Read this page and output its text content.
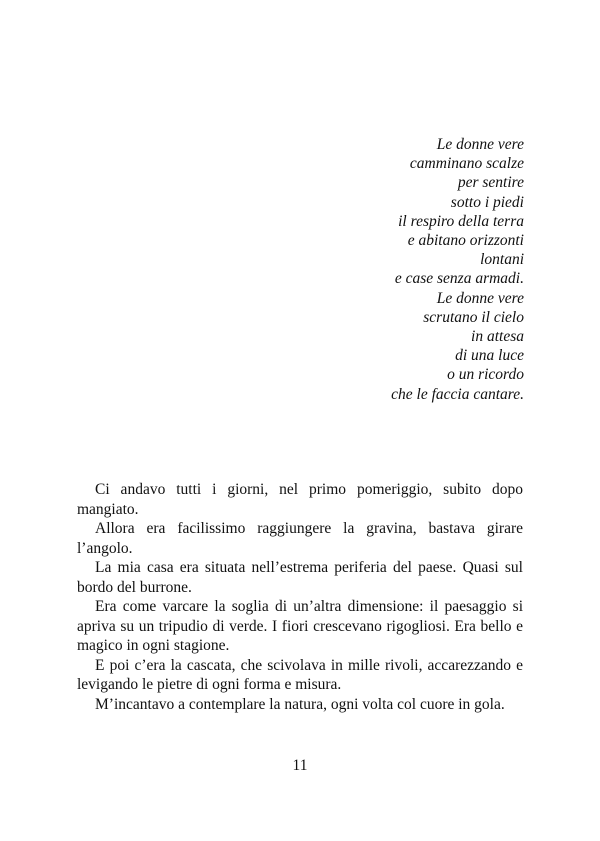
Le donne vere
camminano scalze
per sentire
sotto i piedi
il respiro della terra
e abitano orizzonti
lontani
e case senza armadi.
Le donne vere
scrutano il cielo
in attesa
di una luce
o un ricordo
che le faccia cantare.

Ci andavo tutti i giorni, nel primo pomeriggio, subito dopo mangiato.

Allora era facilissimo raggiungere la gravina, bastava girare l’angolo.

La mia casa era situata nell’estrema periferia del paese. Quasi sul bordo del burrone.

Era come varcare la soglia di un’altra dimensione: il paesaggio si apriva su un tripudio di verde. I fiori crescevano rigogliosi. Era bello e magico in ogni stagione.

E poi c’era la cascata, che scivolava in mille rivoli, accarezzando e levigando le pietre di ogni forma e misura.

M’incantavo a contemplare la natura, ogni volta col cuore in gola.

11
